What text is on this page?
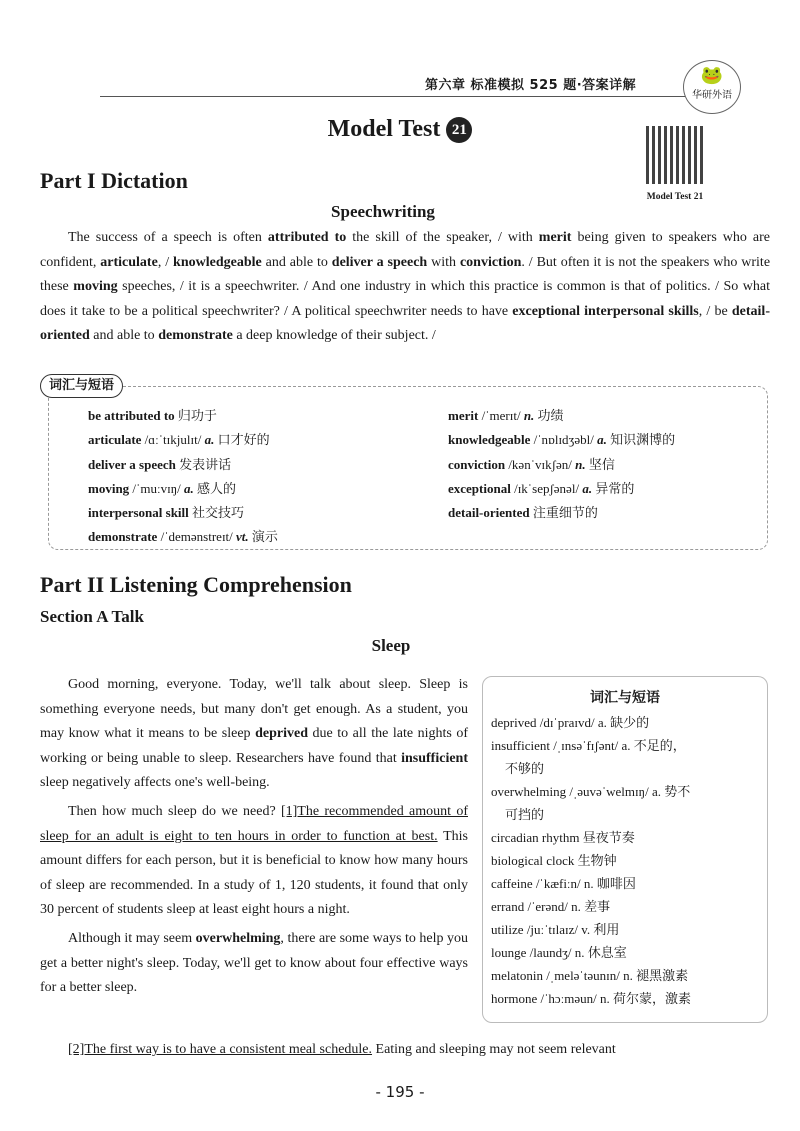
第六章 标准模拟 525 题·答案详解	🐸
华研外语
Model Test 21
Model Test 21
Part I Dictation
Speechwriting

The success of a speech is often attributed to the skill of the speaker, / with merit being given to speakers who are confident, articulate, / knowledgeable and able to deliver a speech with conviction. / But often it is not the speakers who write these moving speeches, / it is a speechwriter. / And one industry in which this practice is common is that of politics. / So what does it take to be a political speechwriter? / A political speechwriter needs to have exceptional interpersonal skills, / be detail-oriented and able to demonstrate a deep knowledge of their subject. /

词汇与短语
be attributed to 归功于
articulate /ɑːˈtɪkjulɪt/ a. 口才好的
deliver a speech 发表讲话
moving /ˈmuːvɪŋ/ a. 感人的
interpersonal skill 社交技巧
demonstrate /ˈdemənstreɪt/ vt. 演示
merit /ˈmerɪt/ n. 功绩
knowledgeable /ˈnɒlɪdʒəbl/ a. 知识渊博的
conviction /kənˈvɪkʃən/ n. 坚信
exceptional /ɪkˈsepʃənəl/ a. 异常的
detail-oriented 注重细节的
Part II Listening Comprehension
Section A Talk
Sleep

Good morning, everyone. Today, we'll talk about sleep. Sleep is something everyone needs, but many don't get enough. As a student, you may know what it means to be sleep deprived due to all the late nights of working or being unable to sleep. Researchers have found that insufficient sleep negatively affects one's well-being.

Then how much sleep do we need? [1]The recommended amount of sleep for an adult is eight to ten hours in order to function at best. This amount differs for each person, but it is beneficial to know how many hours of sleep are recommended. In a study of 1, 120 students, it found that only 30 percent of students sleep at least eight hours a night.

Although it may seem overwhelming, there are some ways to help you get a better night's sleep. Today, we'll get to know about four effective ways for a better sleep.

词汇与短语
deprived /dɪˈpraɪvd/ a. 缺少的
insufficient /ˌɪnsəˈfɪʃənt/ a. 不足的，
不够的
overwhelming /ˌəuvəˈwelmɪŋ/ a. 势不
可挡的
circadian rhythm 昼夜节奏
biological clock 生物钟
caffeine /ˈkæfiːn/ n. 咖啡因
errand /ˈerənd/ n. 差事
utilize /juːˈtɪlaɪz/ v. 利用
lounge /laundʒ/ n. 休息室
melatonin /ˌmeləˈtəunɪn/ n. 褪黑激素
hormone /ˈhɔːməun/ n. 荷尔蒙，激素

[2]The first way is to have a consistent meal schedule. Eating and sleeping may not seem relevant

- 195 -
